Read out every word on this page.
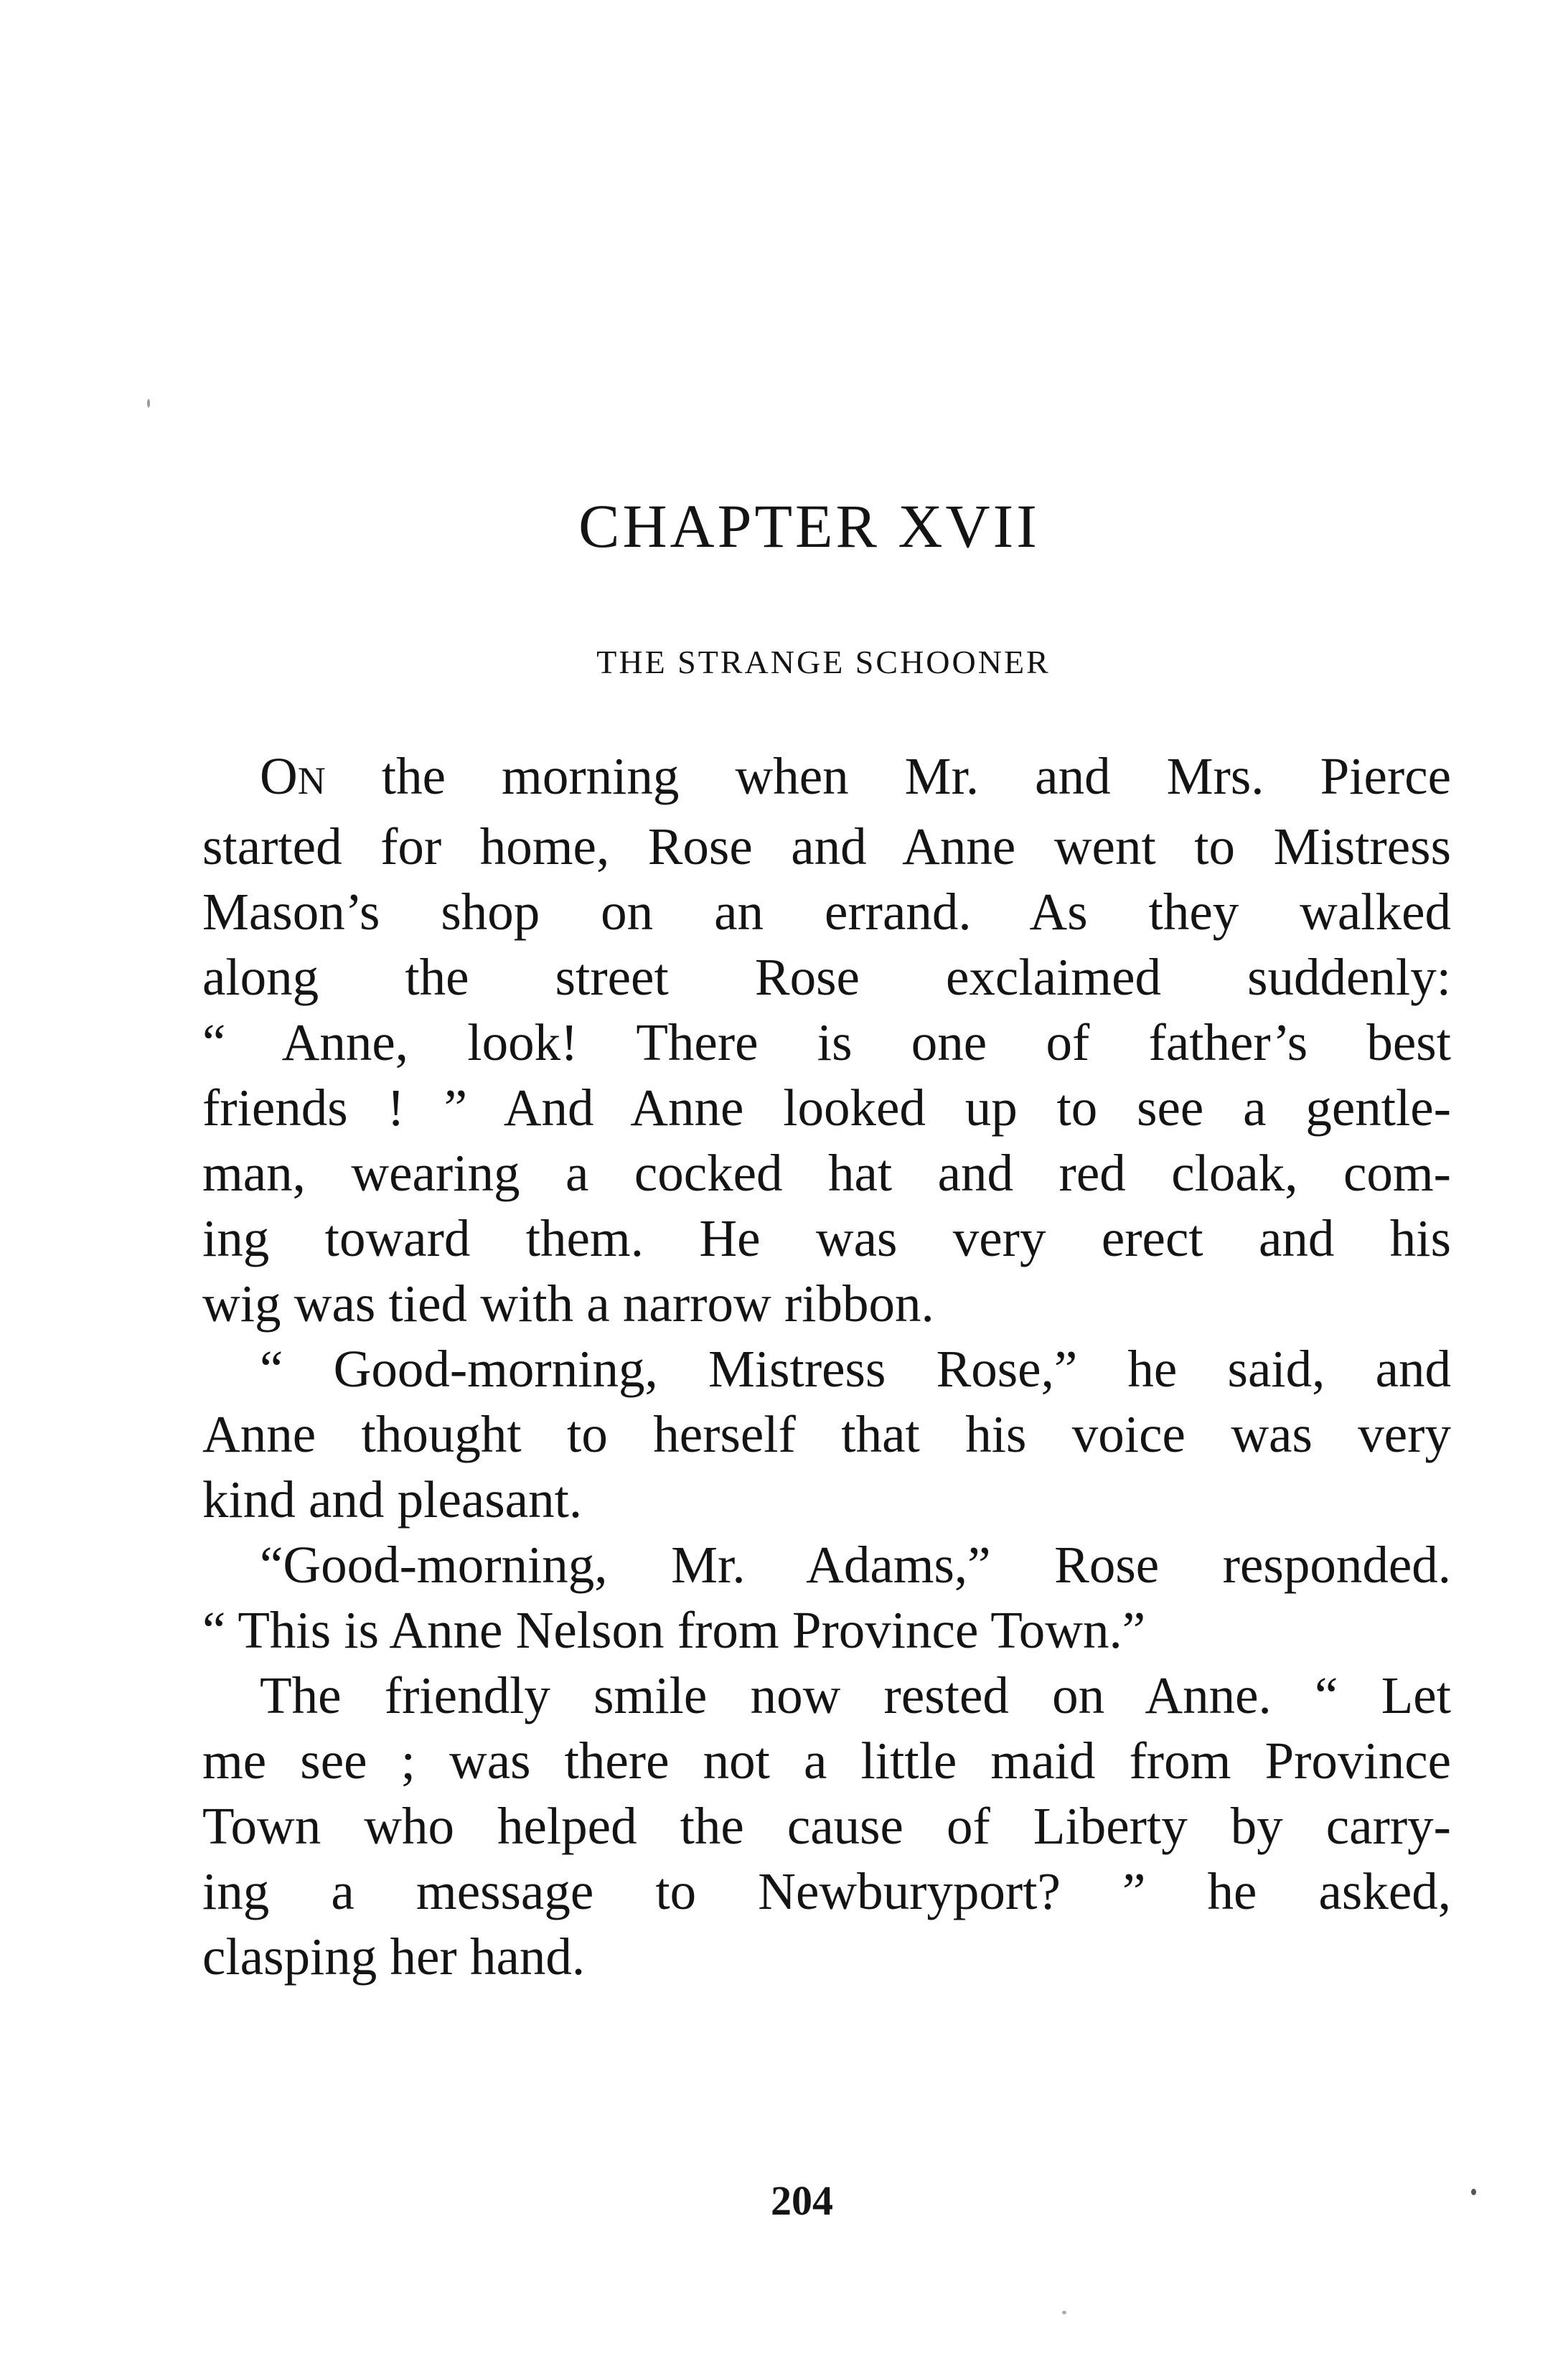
CHAPTER XVII
THE STRANGE SCHOONER
ON the morning when Mr. and Mrs. Pierce
started for home, Rose and Anne went to Mistress
Mason’s shop on an errand. As they walked
along the street Rose exclaimed suddenly:
“ Anne, look! There is one of father’s best
friends ! ” And Anne looked up to see a gentle-
man, wearing a cocked hat and red cloak, com-
ing toward them. He was very erect and his
wig was tied with a narrow ribbon.
“ Good-morning, Mistress Rose,” he said, and
Anne thought to herself that his voice was very
kind and pleasant.
“Good-morning, Mr. Adams,” Rose responded.
“ This is Anne Nelson from Province Town.”
The friendly smile now rested on Anne. “ Let
me see ; was there not a little maid from Province
Town who helped the cause of Liberty by carry-
ing a message to Newburyport? ” he asked,
clasping her hand.
204
